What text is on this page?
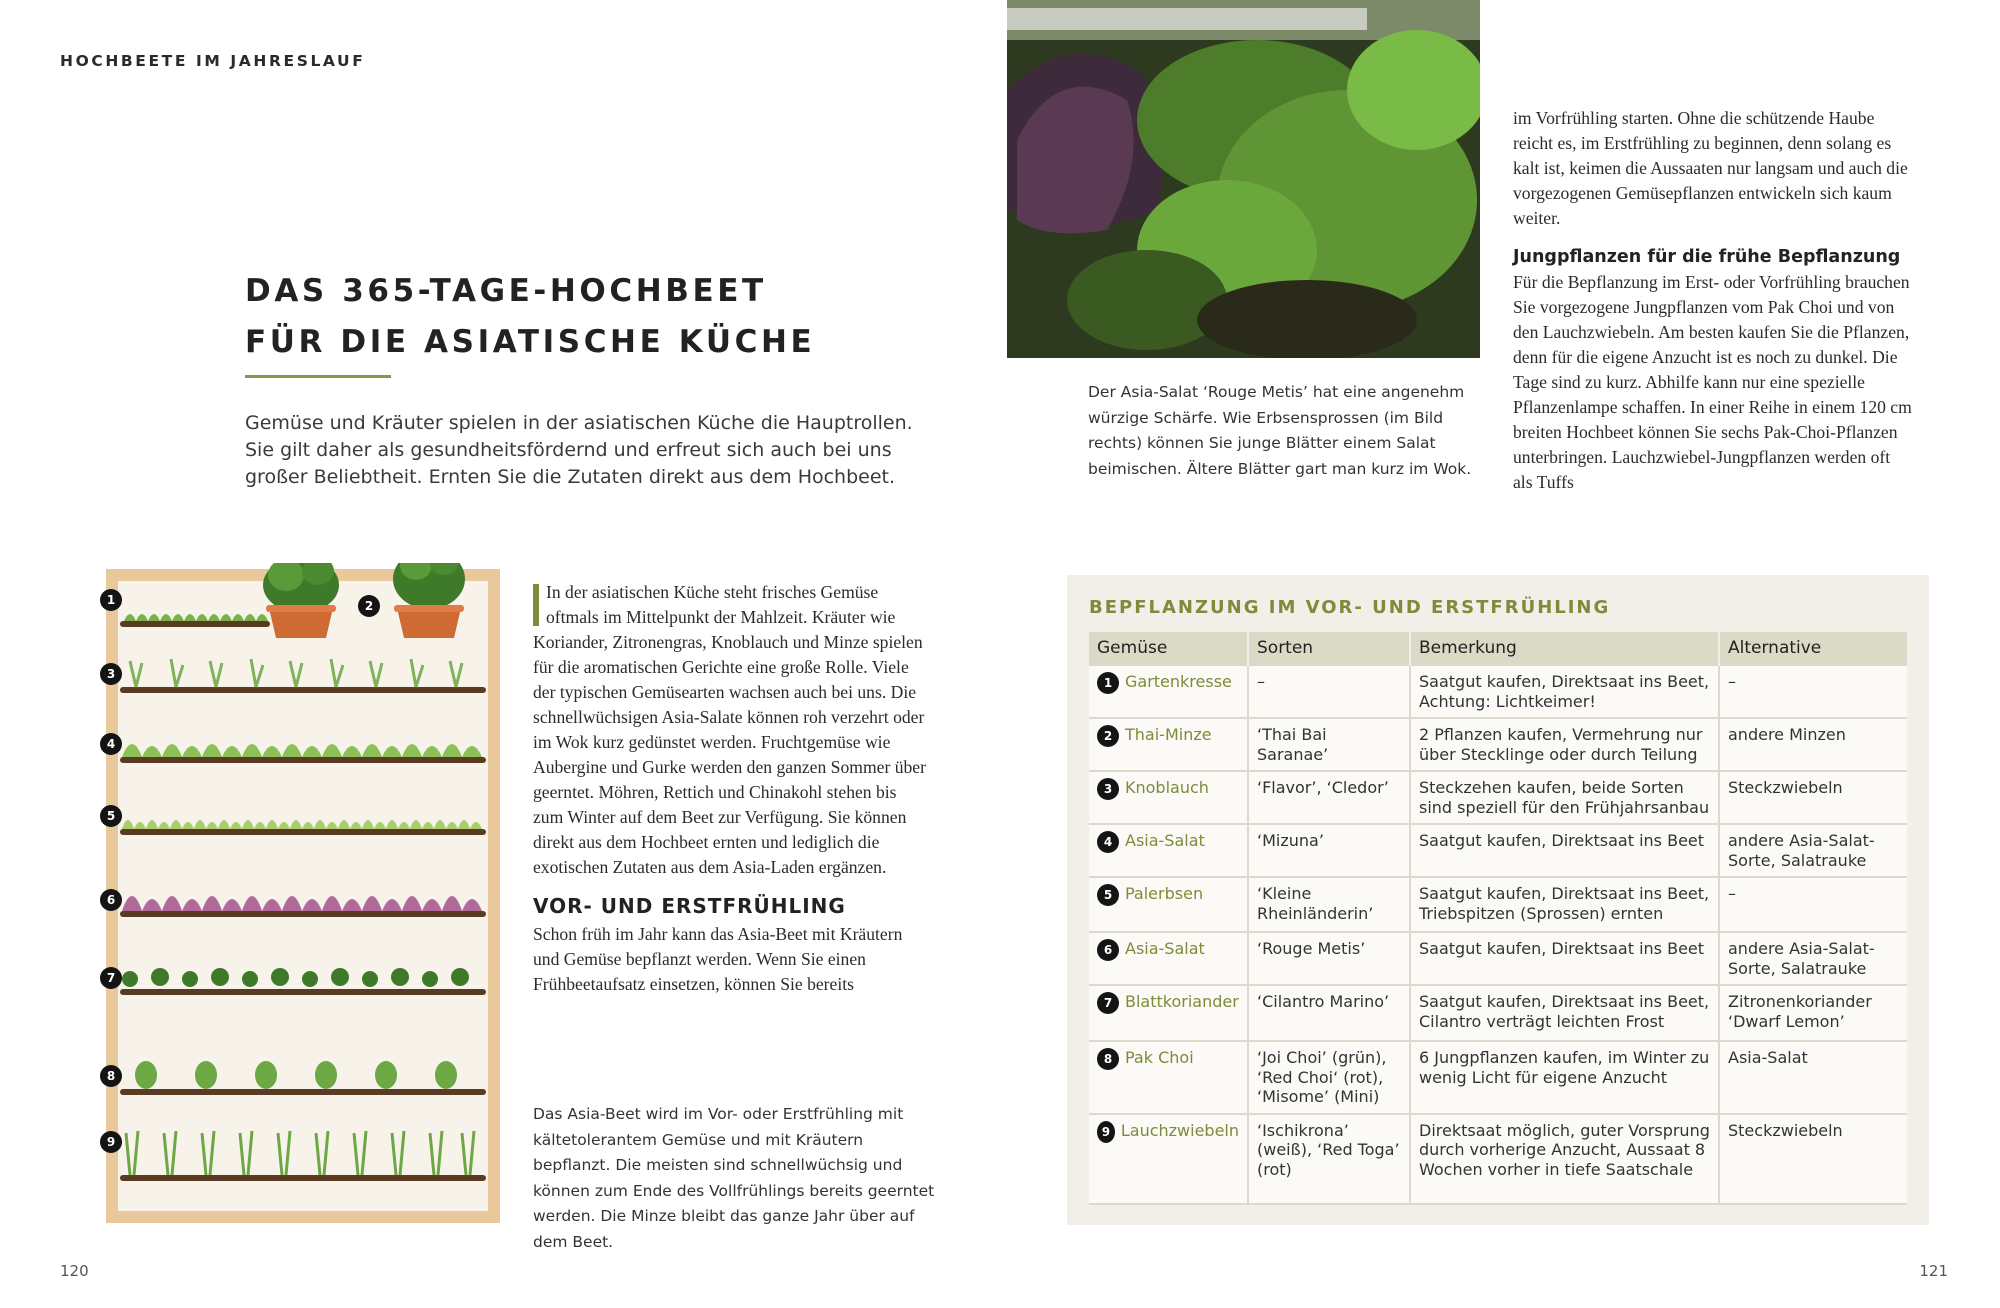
HOCHBEETE IM JAHRESLAUF
120	121
DAS 365-TAGE-HOCHBEET
FÜR DIE ASIATISCHE KÜCHE

Gemüse und Kräuter spielen in der asiatischen Küche die Hauptrollen. Sie gilt daher als gesundheitsfördernd und erfreut sich auch bei uns großer Beliebtheit. Ernten Sie die Zutaten direkt aus dem Hochbeet.

1	2
3
4
5
6
7
8
9

In der asiatischen Küche steht frisches Gemüse oftmals im Mittelpunkt der Mahlzeit. Kräuter wie Koriander, Zitronengras, Knoblauch und Minze spielen für die aromatischen Gerichte eine große Rolle. Viele der typischen Gemüsearten wachsen auch bei uns. Die schnellwüchsigen Asia-Salate können roh verzehrt oder im Wok kurz gedünstet werden. Fruchtgemüse wie Aubergine und Gurke werden den ganzen Sommer über geerntet. Möhren, Rettich und Chinakohl stehen bis zum Winter auf dem Beet zur Verfügung. Sie können direkt aus dem Hochbeet ernten und lediglich die exotischen Zutaten aus dem Asia-Laden ergänzen.

VOR- UND ERSTFRÜHLING

Schon früh im Jahr kann das Asia-Beet mit Kräutern und Gemüse bepflanzt werden. Wenn Sie einen Frühbeetaufsatz einsetzen, können Sie bereits

Das Asia-Beet wird im Vor- oder Erstfrühling mit kältetolerantem Gemüse und mit Kräutern bepflanzt. Die meisten sind schnellwüchsig und können zum Ende des Vollfrühlings bereits geerntet werden. Die Minze bleibt das ganze Jahr über auf dem Beet.

Der Asia-Salat ‘Rouge Metis’ hat eine angenehm würzige Schärfe. Wie Erbsensprossen (im Bild rechts) können Sie junge Blätter einem Salat beimischen. Ältere Blätter gart man kurz im Wok.

im Vorfrühling starten. Ohne die schützende Haube reicht es, im Erstfrühling zu beginnen, denn solang es kalt ist, keimen die Aussaaten nur langsam und auch die vorgezogenen Gemüsepflanzen entwickeln sich kaum weiter.

Jungpflanzen für die frühe Bepflanzung

Für die Bepflanzung im Erst- oder Vorfrühling brauchen Sie vorgezogene Jungpflanzen vom Pak Choi und von den Lauchzwiebeln. Am besten kaufen Sie die Pflanzen, denn für die eigene Anzucht ist es noch zu dunkel. Die Tage sind zu kurz. Abhilfe kann nur eine spezielle Pflanzenlampe schaffen. In einer Reihe in einem 120 cm breiten Hochbeet können Sie sechs Pak-Choi-Pflanzen unterbringen. Lauchzwiebel-Jungpflanzen werden oft als Tuffs

BEPFLANZUNG IM VOR- UND ERSTFRÜHLING
Gemüse	Sorten	Bemerkung	Alternative

1 Gartenkresse	–	Saatgut kaufen, Direktsaat ins Beet, Achtung: Lichtkeimer!	–

2 Thai-Minze	‘Thai Bai Saranae’	2 Pflanzen kaufen, Vermehrung nur über Stecklinge oder durch Teilung	andere Minzen

3 Knoblauch	‘Flavor’, ‘Cledor’	Steckzehen kaufen, beide Sorten sind speziell für den Frühjahrsanbau	Steckzwiebeln

4 Asia-Salat	‘Mizuna’	Saatgut kaufen, Direktsaat ins Beet	andere Asia-Salat-Sorte, Salatrauke

5 Palerbsen	‘Kleine Rheinländerin’	Saatgut kaufen, Direktsaat ins Beet, Triebspitzen (Sprossen) ernten	–

6 Asia-Salat	‘Rouge Metis’	Saatgut kaufen, Direktsaat ins Beet	andere Asia-Salat-Sorte, Salatrauke

7 Blattkoriander	‘Cilantro Marino’	Saatgut kaufen, Direktsaat ins Beet, Cilantro verträgt leichten Frost	Zitronenkoriander ‘Dwarf Lemon’

8 Pak Choi	‘Joi Choi’ (grün), ‘Red Choi‘ (rot), ‘Misome’ (Mini)	6 Jungpflanzen kaufen, im Winter zu wenig Licht für eigene Anzucht	Asia-Salat

9 Lauchzwiebeln	‘Ischikrona’ (weiß), ‘Red Toga’ (rot)	Direktsaat möglich, guter Vorsprung durch vorherige Anzucht, Aussaat 8 Wochen vorher in tiefe Saatschale	Steckzwiebeln
